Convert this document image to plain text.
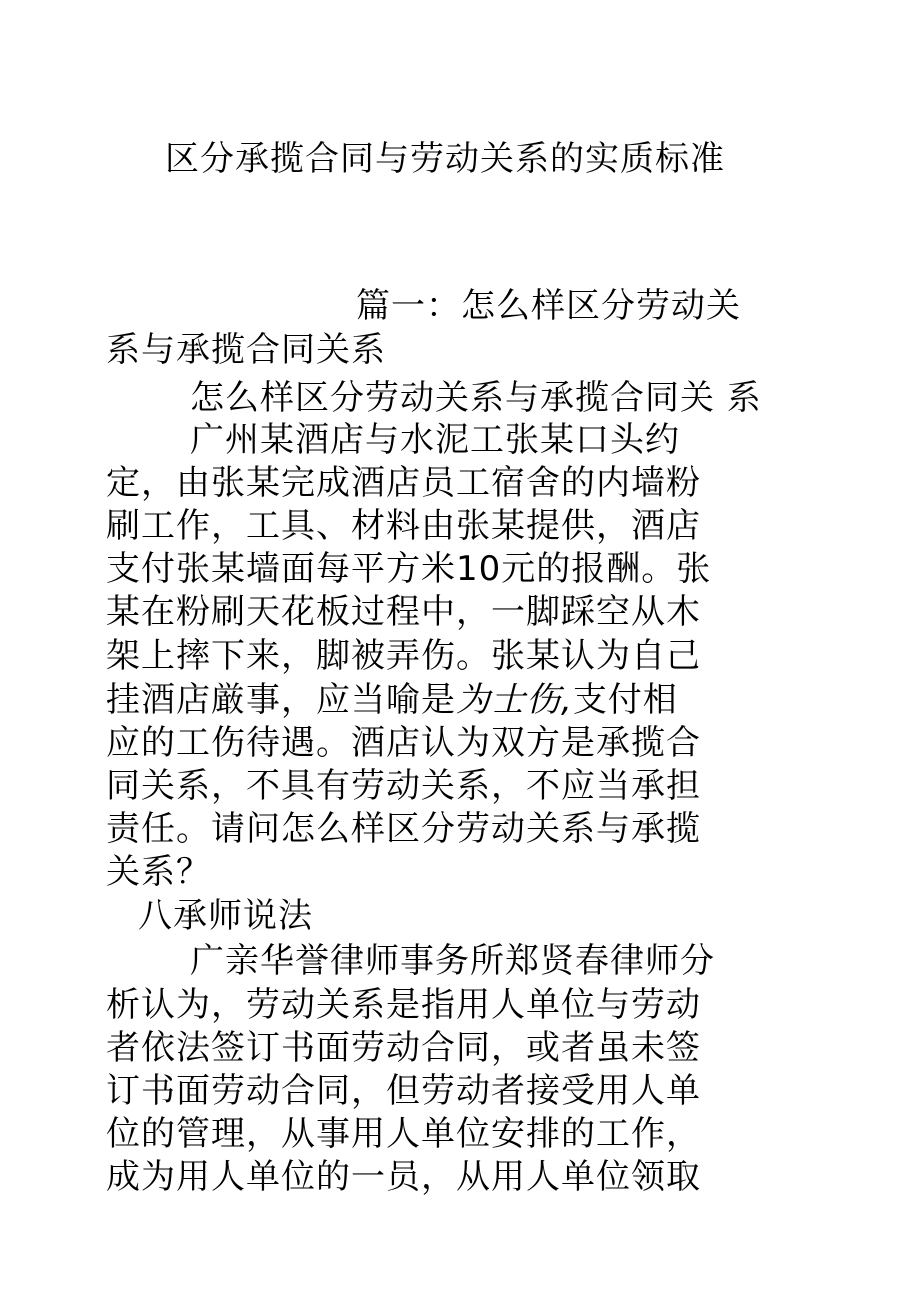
区分承揽合同与劳动关系的实质标准
篇一：怎么样区分劳动关
系与承揽合同关系
怎么样区分劳动关系与承揽合同关 系
广州某酒店与水泥工张某口头约
定，由张某完成酒店员工宿舍的内墙粉
刷工作，工具、材料由张某提供，酒店
支付张某墙面每平方米10元的报酬。张
某在粉刷天花板过程中，一脚踩空从木
架上摔下来，脚被弄伤。张某认为自己
挂酒店厳事，应当喻是为士伤,支付相
应的工伤待遇。酒店认为双方是承揽合
同关系，不具有劳动关系，不应当承担
责任。请问怎么样区分劳动关系与承揽
关系？
八承师说法
广亲华誉律师事务所郑贤春律师分
析认为，劳动关系是指用人单位与劳动
者依法签订书面劳动合同，或者虽未签
订书面劳动合同，但劳动者接受用人单
位的管理，从事用人单位安排的工作，
成为用人单位的一员，从用人单位领取
